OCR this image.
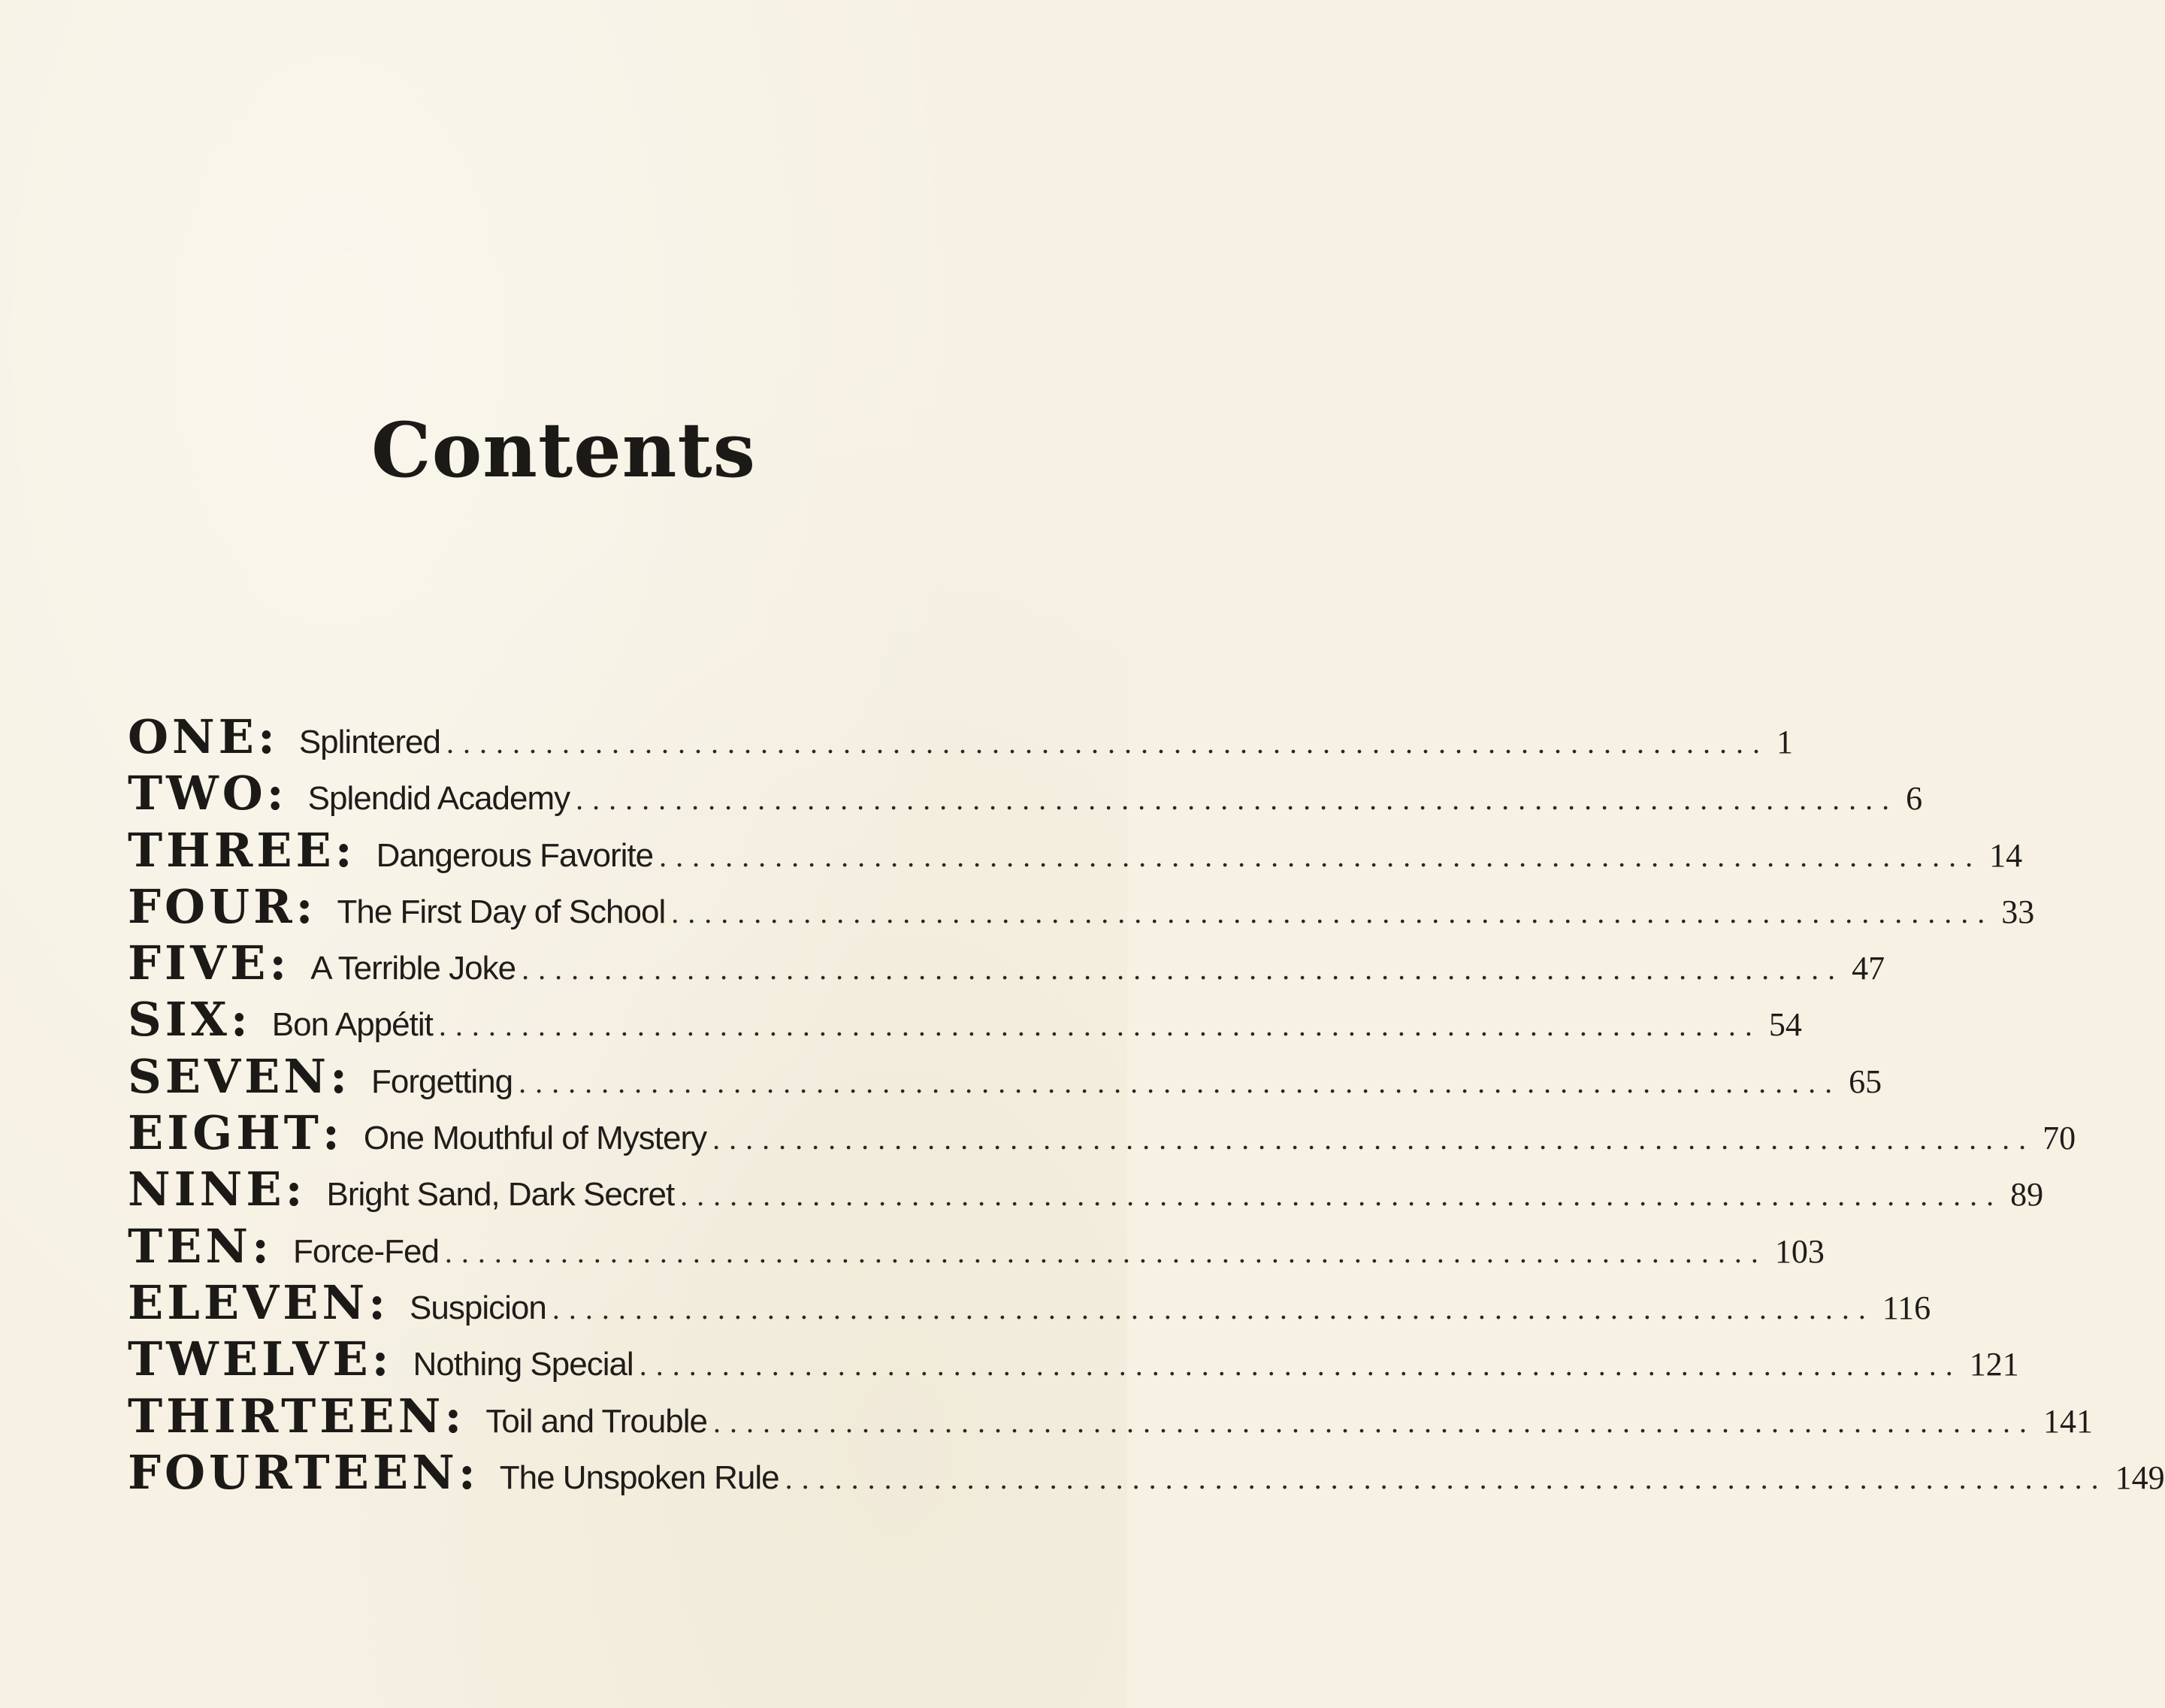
Contents
ONE : Splintered ................................................................................ 1
TWO : Splendid Academy ................................................................................ 6
THREE : Dangerous Favorite ................................................................................ 14
FOUR : The First Day of School ................................................................................ 33
FIVE : A Terrible Joke ................................................................................ 47
SIX : Bon Appétit ................................................................................ 54
SEVEN : Forgetting ................................................................................ 65
EIGHT : One Mouthful of Mystery ................................................................................ 70
NINE : Bright Sand, Dark Secret ................................................................................ 89
TEN : Force-Fed ................................................................................ 103
ELEVEN : Suspicion ................................................................................ 116
TWELVE : Nothing Special ................................................................................ 121
THIRTEEN : Toil and Trouble ................................................................................ 141
FOURTEEN : The Unspoken Rule ................................................................................ 149
